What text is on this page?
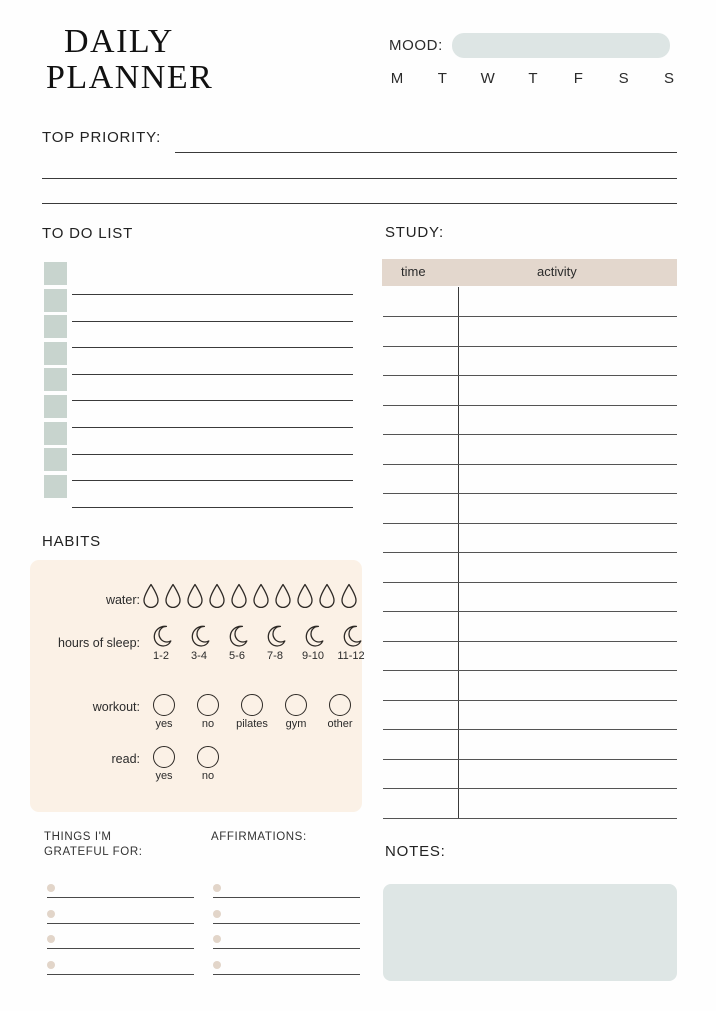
DAILY
PLANNER
MOOD:
M T W T F S S
TOP PRIORITY:
TO DO LIST	STUDY:
time	activity
HABITS
water:
hours of sleep:
1-2 3-4 5-6 7-8 9-10 11-12
workout:
yes	no pilates gym other
read:
yes	no
THINGS I'M
GRATEFUL FOR:
AFFIRMATIONS:
NOTES:
